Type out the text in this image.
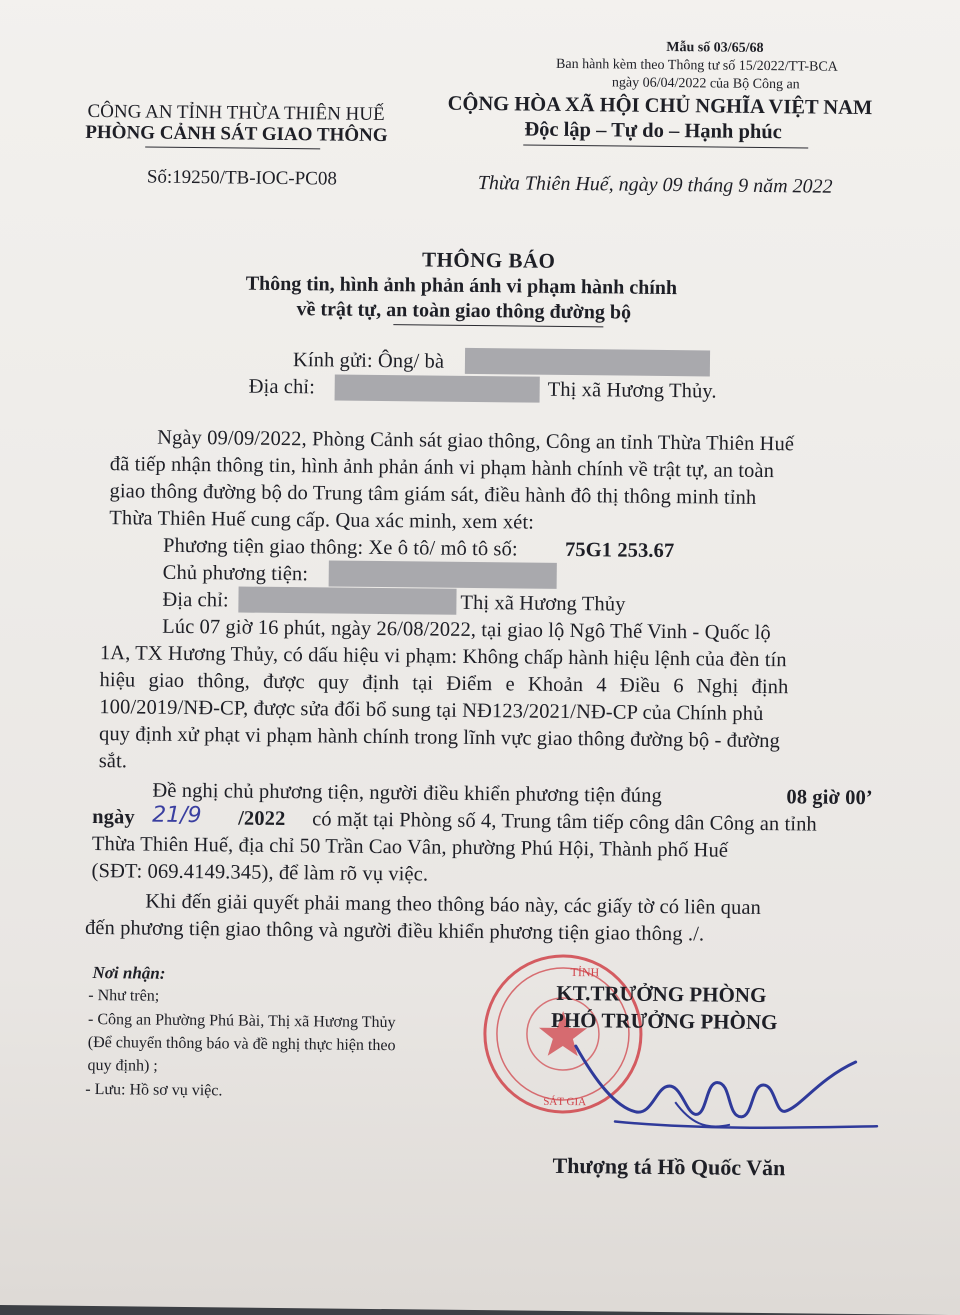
Mẫu số 03/65/68
Ban hành kèm theo Thông tư số 15/2022/TT-BCA
ngày 06/04/2022 của Bộ Công an
CÔNG AN TỈNH THỪA THIÊN HUẾ
PHÒNG CẢNH SÁT GIAO THÔNG
Số:19250/TB-IOC-PC08
CỘNG HÒA XÃ HỘI CHỦ NGHĨA VIỆT NAM
Độc lập – Tự do – Hạnh phúc
Thừa Thiên Huế, ngày 09 tháng 9 năm 2022
THÔNG BÁO
Thông tin, hình ảnh phản ánh vi phạm hành chính
về trật tự, an toàn giao thông đường bộ
Kính gửi: Ông/ bà
Địa chỉ:	Thị xã Hương Thủy.
Ngày 09/09/2022, Phòng Cảnh sát giao thông, Công an tỉnh Thừa Thiên Huế
đã tiếp nhận thông tin, hình ảnh phản ánh vi phạm hành chính về trật tự, an toàn
giao thông đường bộ do Trung tâm giám sát, điều hành đô thị thông minh tỉnh
Thừa Thiên Huế cung cấp. Qua xác minh, xem xét:
Phương tiện giao thông: Xe ô tô/ mô tô số: 75G1 253.67
Chủ phương tiện:
Địa chỉ:	Thị xã Hương Thủy
Lúc 07 giờ 16 phút, ngày 26/08/2022, tại giao lộ Ngô Thế Vinh - Quốc lộ
1A, TX Hương Thủy, có dấu hiệu vi phạm: Không chấp hành hiệu lệnh của đèn tín
hiệu giao thông, được quy định tại Điểm e Khoản 4 Điều 6 Nghị định
100/2019/NĐ-CP, được sửa đổi bổ sung tại NĐ123/2021/NĐ-CP của Chính phủ
quy định xử phạt vi phạm hành chính trong lĩnh vực giao thông đường bộ - đường
sắt.
Đề nghị chủ phương tiện, người điều khiển phương tiện đúng	08 giờ 00’
ngày 21/9 /2022 có mặt tại Phòng số 4, Trung tâm tiếp công dân Công an tỉnh
Thừa Thiên Huế, địa chỉ 50 Trần Cao Vân, phường Phú Hội, Thành phố Huế
(SĐT: 069.4149.345), để làm rõ vụ việc.
Khi đến giải quyết phải mang theo thông báo này, các giấy tờ có liên quan
đến phương tiện giao thông và người điều khiển phương tiện giao thông ./.
Nơi nhận:
- Như trên;
- Công an Phường Phú Bài, Thị xã Hương Thủy
(Để chuyển thông báo và đề nghị thực hiện theo
quy định) ;
- Lưu: Hồ sơ vụ việc.
TỈNH
SÁT GIA
KT.TRƯỞNG PHÒNG
PHÓ TRƯỞNG PHÒNG
Thượng tá Hồ Quốc Văn
